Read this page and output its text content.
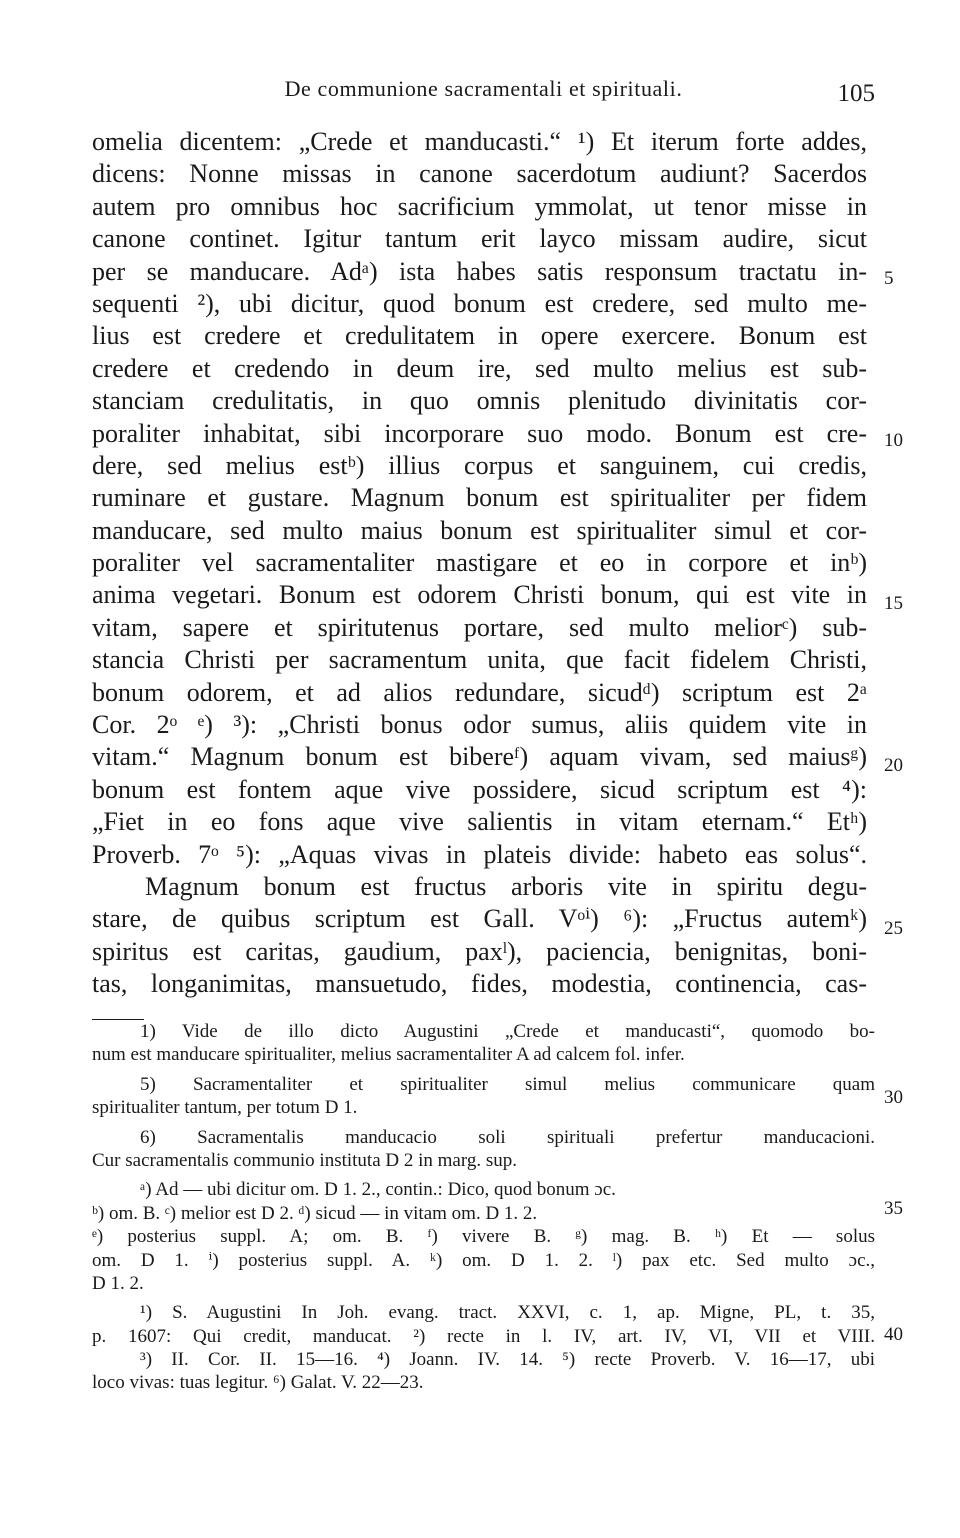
De communione sacramentali et spirituali.	105
omelia dicentem: „Crede et manducasti.“ ¹) Et iterum forte addes,
dicens: Nonne missas in canone sacerdotum audiunt? Sacerdos
autem pro omnibus hoc sacrificium ymmolat, ut tenor misse in
canone continet. Igitur tantum erit layco missam audire, sicut
per se manducare. Adᵃ) ista habes satis responsum tractatu in-
sequenti ²), ubi dicitur, quod bonum est credere, sed multo me-
lius est credere et credulitatem in opere exercere. Bonum est
credere et credendo in deum ire, sed multo melius est sub-
stanciam credulitatis, in quo omnis plenitudo divinitatis cor-
poraliter inhabitat, sibi incorporare suo modo. Bonum est cre-
dere, sed melius estᵇ) illius corpus et sanguinem, cui credis,
ruminare et gustare. Magnum bonum est spiritualiter per fidem
manducare, sed multo maius bonum est spiritualiter simul et cor-
poraliter vel sacramentaliter mastigare et eo in corpore et inᵇ)
anima vegetari. Bonum est odorem Christi bonum, qui est vite in
vitam, sapere et spiritutenus portare, sed multo meliorᶜ) sub-
stancia Christi per sacramentum unita, que facit fidelem Christi,
bonum odorem, et ad alios redundare, sicudᵈ) scriptum est 2ᵃ
Cor. 2ᵒ ᵉ) ³): „Christi bonus odor sumus, aliis quidem vite in
vitam.“ Magnum bonum est bibereᶠ) aquam vivam, sed maiusᵍ)
bonum est fontem aque vive possidere, sicud scriptum est ⁴):
„Fiet in eo fons aque vive salientis in vitam eternam.“ Etʰ)
Proverb. 7ᵒ ⁵): „Aquas vivas in plateis divide: habeto eas solus“.
Magnum bonum est fructus arboris vite in spiritu degu-
stare, de quibus scriptum est Gall. Vᵒⁱ) ⁶): „Fructus autemᵏ)
spiritus est caritas, gaudium, paxˡ), paciencia, benignitas, boni-
tas, longanimitas, mansuetudo, fides, modestia, continencia, cas-
5
10
15
20
25
30
35
40
1) Vide de illo dicto Augustini „Crede et manducasti“, quomodo bo-
num est manducare spiritualiter, melius sacramentaliter A ad calcem fol. infer.
5) Sacramentaliter et spiritualiter simul melius communicare quam
spiritualiter tantum, per totum D 1.
6) Sacramentalis manducacio soli spirituali prefertur manducacioni.
Cur sacramentalis communio instituta D 2 in marg. sup.
ᵃ) Ad — ubi dicitur om. D 1. 2., contin.: Dico, quod bonum ɔc.
ᵇ) om. B. ᶜ) melior est D 2. ᵈ) sicud — in vitam om. D 1. 2.
ᵉ) posterius suppl. A; om. B. ᶠ) vivere B. ᵍ) mag. B. ʰ) Et — solus
om. D 1. ⁱ) posterius suppl. A. ᵏ) om. D 1. 2. ˡ) pax etc. Sed multo ɔc.,
D 1. 2.
¹) S. Augustini In Joh. evang. tract. XXVI, c. 1, ap. Migne, PL, t. 35,
p. 1607: Qui credit, manducat. ²) recte in l. IV, art. IV, VI, VII et VIII.
³) II. Cor. II. 15—16. ⁴) Joann. IV. 14. ⁵) recte Proverb. V. 16—17, ubi
loco vivas: tuas legitur. ⁶) Galat. V. 22—23.
